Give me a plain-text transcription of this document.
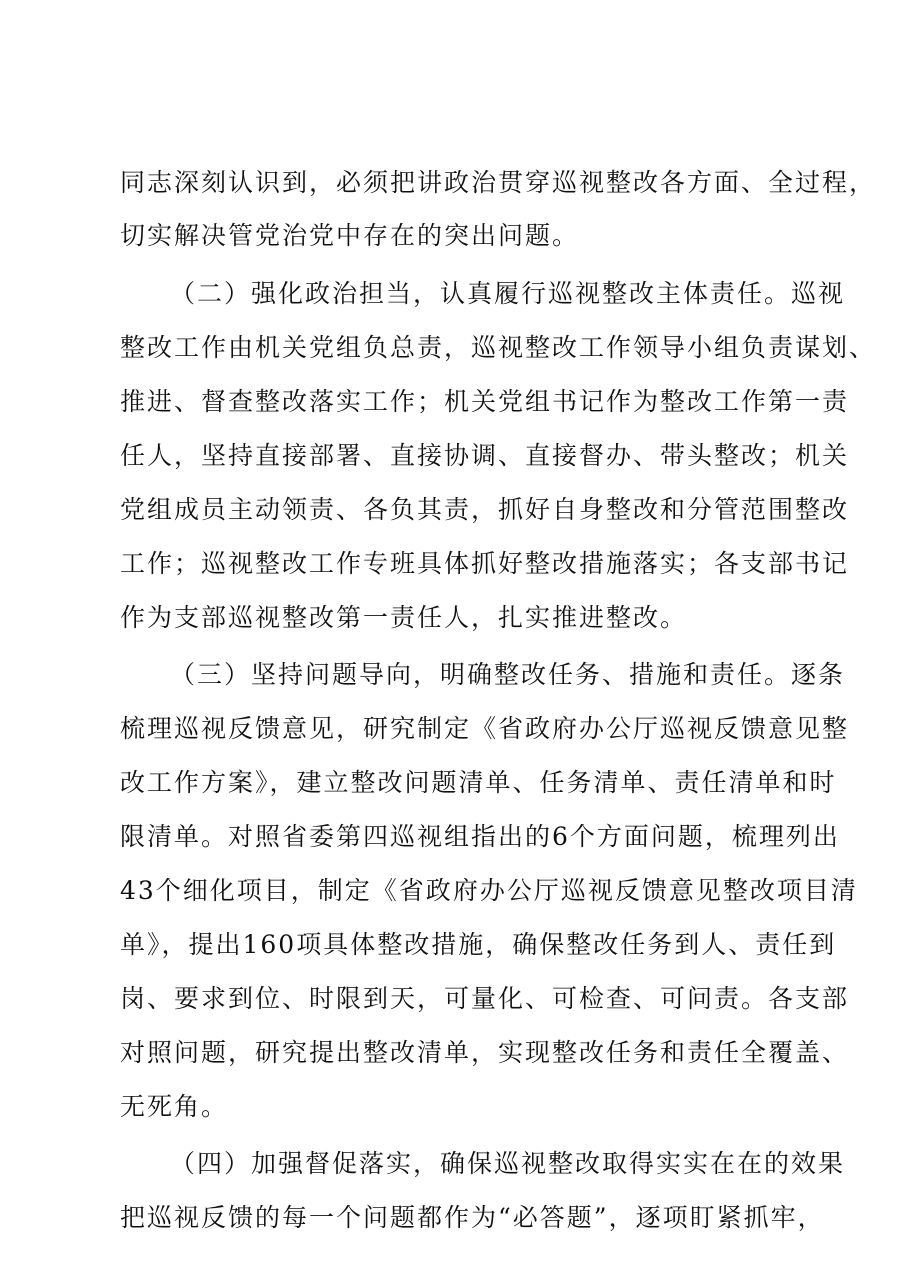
同志深刻认识到，必须把讲政治贯穿巡视整改各方面、全过程，
切实解决管党治党中存在的突出问题。
（二）强化政治担当，认真履行巡视整改主体责任。巡视
整改工作由机关党组负总责，巡视整改工作领导小组负责谋划、
推进、督查整改落实工作；机关党组书记作为整改工作第一责
任人，坚持直接部署、直接协调、直接督办、带头整改；机关
党组成员主动领责、各负其责，抓好自身整改和分管范围整改
工作；巡视整改工作专班具体抓好整改措施落实；各支部书记
作为支部巡视整改第一责任人，扎实推进整改。
（三）坚持问题导向，明确整改任务、措施和责任。逐条
梳理巡视反馈意见，研究制定《省政府办公厅巡视反馈意见整
改工作方案》，建立整改问题清单、任务清单、责任清单和时
限清单。对照省委第四巡视组指出的6个方面问题，梳理列出
43个细化项目，制定《省政府办公厅巡视反馈意见整改项目清
单》，提出160项具体整改措施，确保整改任务到人、责任到
岗、要求到位、时限到天，可量化、可检查、可问责。各支部
对照问题，研究提出整改清单，实现整改任务和责任全覆盖、
无死角。
（四）加强督促落实，确保巡视整改取得实实在在的效果
把巡视反馈的每一个问题都作为“必答题”，逐项盯紧抓牢，
